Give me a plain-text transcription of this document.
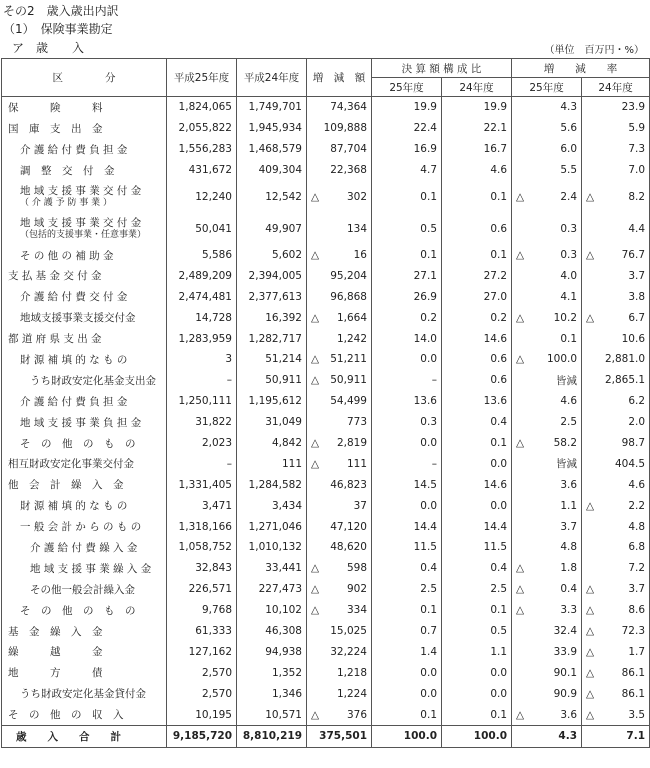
その2　歳入歳出内訳
（1）　保険事業勘定
ア　歳　　入	（単位　百万円・%）
区　　　　分	平成25年度	平成24年度	増　減　額	決 算 額 構 成 比		増　　減　　率	
				25年度	24年度	25年度	24年度
保　　　険　　　料	1,824,065	1,749,701	74,364	19.9	19.9	4.3	23.9

国　庫　支　出　金	2,055,822	1,945,934	109,888	22.4	22.1	5.6	5.9

介 護 給 付 費 負 担 金	1,556,283	1,468,579	87,704	16.9	16.7	6.0	7.3

調　整　交　付　金	431,672	409,304	22,368	4.7	4.6	5.5	7.0

地 域 支 援 事 業 交 付 金
（ 介 護 予 防 事 業 ）	12,240	12,542	△ 302	0.1	0.1	△ 2.4	△ 8.2

地 域 支 援 事 業 交 付 金
（包括的支援事業・任意事業）	50,041	49,907	134	0.5	0.6	0.3	4.4

そ の 他 の 補 助 金	5,586	5,602	△ 16	0.1	0.1	△ 0.3	△ 76.7

支 払 基 金 交 付 金	2,489,209	2,394,005	95,204	27.1	27.2	4.0	3.7

介 護 給 付 費 交 付 金	2,474,481	2,377,613	96,868	26.9	27.0	4.1	3.8

地域支援事業支援交付金	14,728	16,392	△ 1,664	0.2	0.2	△ 10.2	△ 6.7

都 道 府 県 支 出 金	1,283,959	1,282,717	1,242	14.0	14.6	0.1	10.6

財 源 補 填 的 な も の	3	51,214	△ 51,211	0.0	0.6	△ 100.0	2,881.0

うち財政安定化基金支出金	–	50,911	△ 50,911	–	0.6	皆減	2,865.1

介 護 給 付 費 負 担 金	1,250,111	1,195,612	54,499	13.6	13.6	4.6	6.2

地 域 支 援 事 業 負 担 金	31,822	31,049	773	0.3	0.4	2.5	2.0

そ　の　他　の　も　の	2,023	4,842	△ 2,819	0.0	0.1	△ 58.2	98.7

相互財政安定化事業交付金	–	111	△ 111	–	0.0	皆減	404.5

他　会　計　繰　入　金	1,331,405	1,284,582	46,823	14.5	14.6	3.6	4.6

財 源 補 填 的 な も の	3,471	3,434	37	0.0	0.0	1.1	△ 2.2

一 般 会 計 か ら の も の	1,318,166	1,271,046	47,120	14.4	14.4	3.7	4.8

介 護 給 付 費 繰 入 金	1,058,752	1,010,132	48,620	11.5	11.5	4.8	6.8

地 域 支 援 事 業 繰 入 金	32,843	33,441	△ 598	0.4	0.4	△ 1.8	7.2

その他一般会計繰入金	226,571	227,473	△ 902	2.5	2.5	△ 0.4	△ 3.7

そ　の　他　の　も　の	9,768	10,102	△ 334	0.1	0.1	△ 3.3	△ 8.6

基　金　繰　入　金	61,333	46,308	15,025	0.7	0.5	32.4	△ 72.3

繰　　　越　　　金	127,162	94,938	32,224	1.4	1.1	33.9	△ 1.7

地　　　方　　　債	2,570	1,352	1,218	0.0	0.0	90.1	△ 86.1

うち財政安定化基金貸付金	2,570	1,346	1,224	0.0	0.0	90.9	△ 86.1

そ　の　他　の　収　入	10,195	10,571	△ 376	0.1	0.1	△ 3.6	△ 3.5

歳　　入　　合　　計	9,185,720	8,810,219	375,501	100.0	100.0	4.3	7.1
